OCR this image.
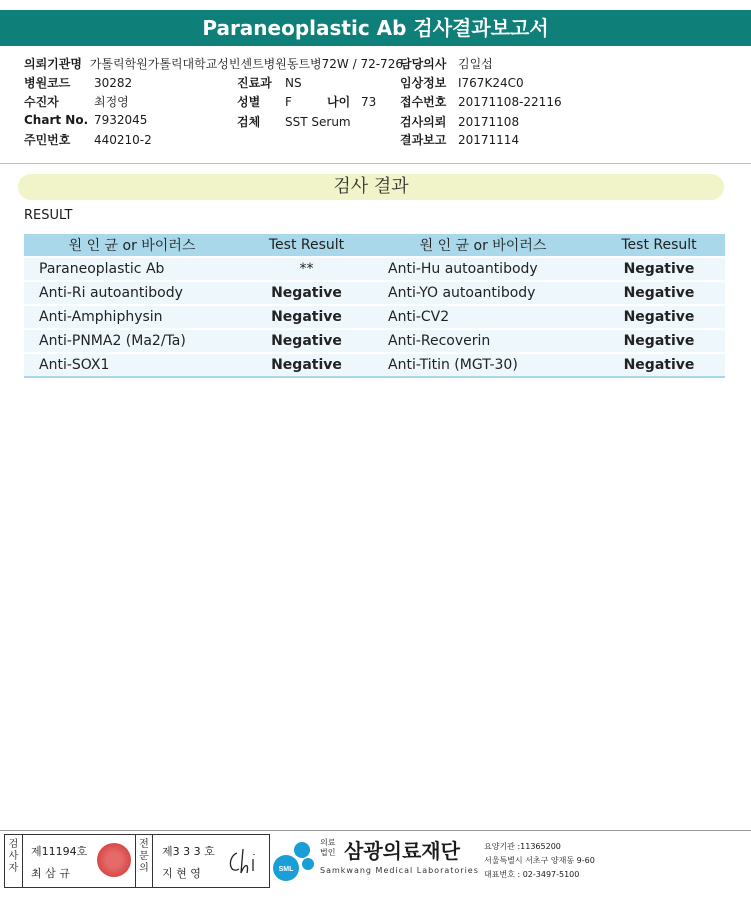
Paraneoplastic Ab 검사결과보고서
의뢰기관명 가톨릭학원가톨릭대학교성빈센트병원동트병72W / 72-726
병원코드 30282
수진자	최정영
Chart No. 7932045
주민번호 440210-2
진료과 NS
성별 F	나이 73
검체 SST Serum
담당의사 김일섭
임상정보 I767K24C0
접수번호 20171108-22116
검사의뢰 20171108
결과보고 20171114
검사 결과
RESULT
원 인 균 or 바이러스	Test Result	원 인 균 or 바이러스	Test Result
Paraneoplastic Ab	**	Anti-Hu autoantibody	Negative
Anti-Ri autoantibody	Negative	Anti-YO autoantibody	Negative
Anti-Amphiphysin	Negative	Anti-CV2	Negative
Anti-PNMA2 (Ma2/Ta)	Negative	Anti-Recoverin	Negative
Anti-SOX1	Negative	Anti-Titin (MGT-30)	Negative
검사자
제11194호
최 삼 규
전문의
제3 3 3 호
지 현 영	SML
의료법인 삼광의료재단
Samkwang Medical Laboratories
요양기관 :11365200
서울특별시 서초구 양재동 9-60
대표번호 : 02-3497-5100
